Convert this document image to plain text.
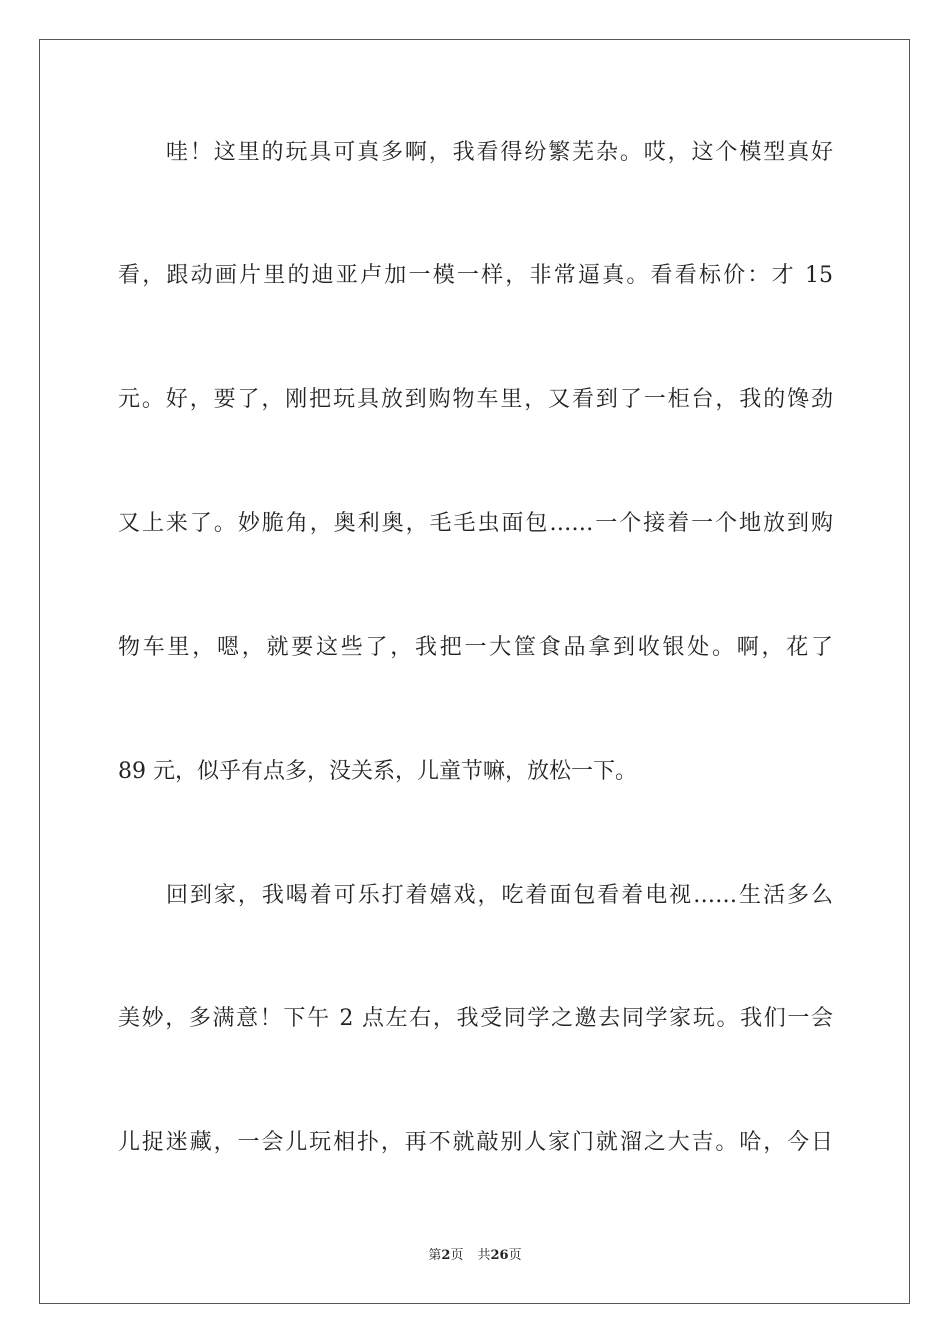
哇！这里的玩具可真多啊，我看得纷繁芜杂。哎，这个模型真好
看，跟动画片里的迪亚卢加一模一样，非常逼真。看看标价：才 15
元。好，要了，刚把玩具放到购物车里，又看到了一柜台，我的馋劲
又上来了。妙脆角，奥利奥，毛毛虫面包……一个接着一个地放到购
物车里，嗯，就要这些了，我把一大筐食品拿到收银处。啊，花了
89 元，似乎有点多，没关系，儿童节嘛，放松一下。
回到家，我喝着可乐打着嬉戏，吃着面包看着电视……生活多么
美妙，多满意！下午 2 点左右，我受同学之邀去同学家玩。我们一会
儿捉迷藏，一会儿玩相扑，再不就敲别人家门就溜之大吉。哈，今日
第2页 共26页
